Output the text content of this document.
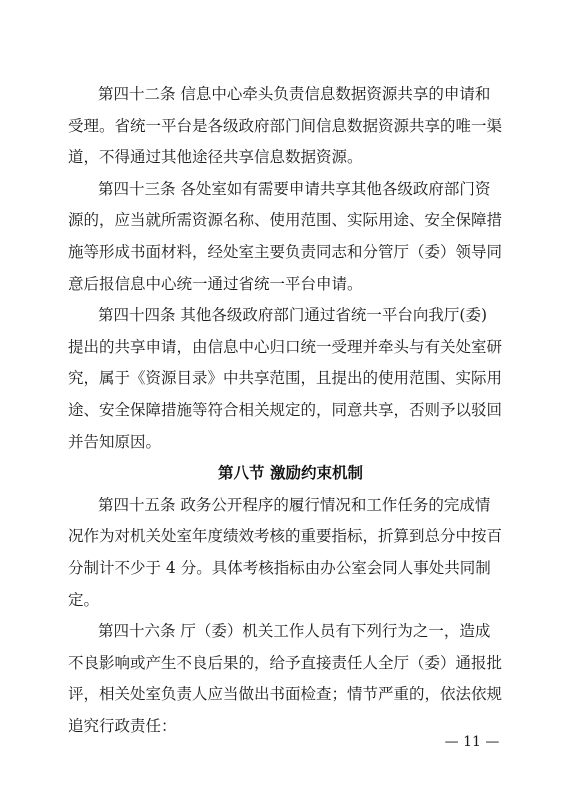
第四十二条 信息中心牵头负责信息数据资源共享的申请和
受理。省统一平台是各级政府部门间信息数据资源共享的唯一渠
道，不得通过其他途径共享信息数据资源。
第四十三条 各处室如有需要申请共享其他各级政府部门资
源的，应当就所需资源名称、使用范围、实际用途、安全保障措
施等形成书面材料，经处室主要负责同志和分管厅（委）领导同
意后报信息中心统一通过省统一平台申请。
第四十四条 其他各级政府部门通过省统一平台向我厅(委)
提出的共享申请，由信息中心归口统一受理并牵头与有关处室研
究，属于《资源目录》中共享范围，且提出的使用范围、实际用
途、安全保障措施等符合相关规定的，同意共享，否则予以驳回
并告知原因。
第八节 激励约束机制
第四十五条 政务公开程序的履行情况和工作任务的完成情
况作为对机关处室年度绩效考核的重要指标，折算到总分中按百
分制计不少于 4 分。具体考核指标由办公室会同人事处共同制
定。
第四十六条 厅（委）机关工作人员有下列行为之一，造成
不良影响或产生不良后果的，给予直接责任人全厅（委）通报批
评，相关处室负责人应当做出书面检查；情节严重的，依法依规
追究行政责任：
— 11 —
